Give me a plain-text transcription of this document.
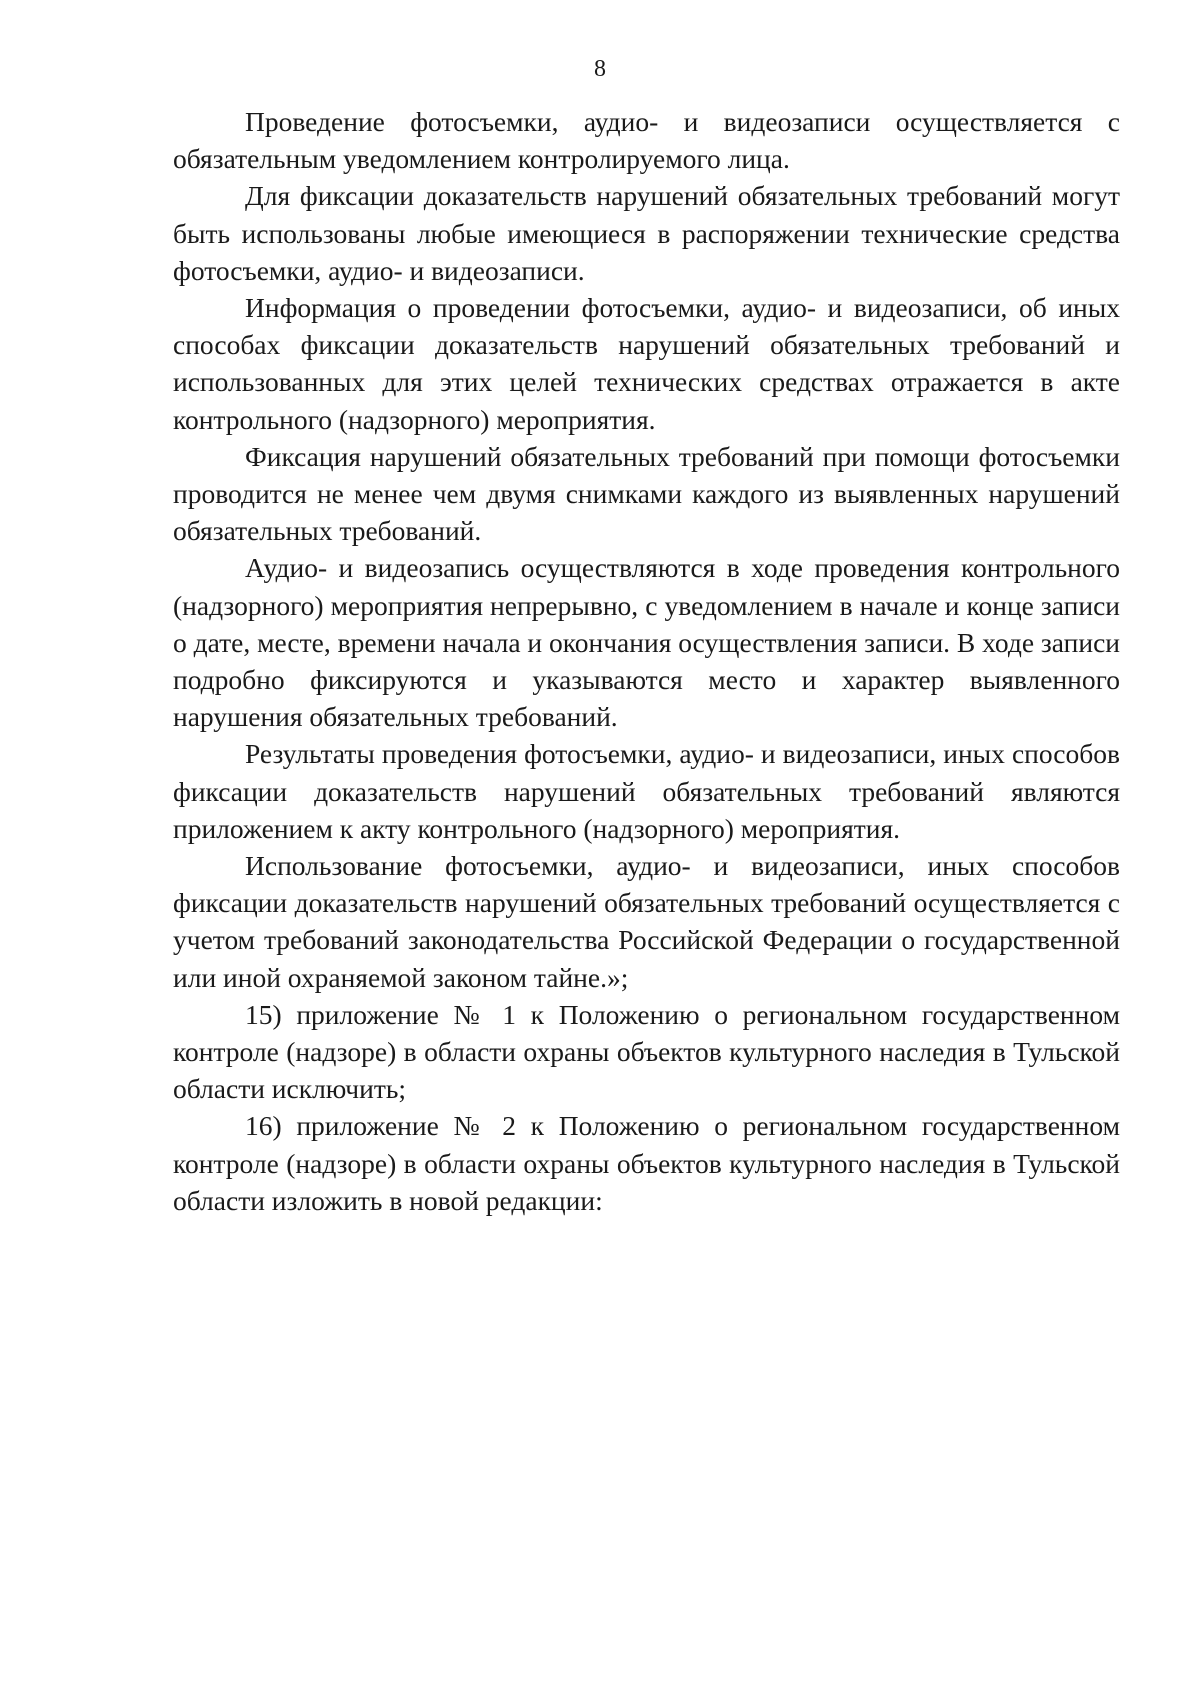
8

Проведение фотосъемки, аудио- и видеозаписи осуществляется с обязательным уведомлением контролируемого лица.

Для фиксации доказательств нарушений обязательных требований могут быть использованы любые имеющиеся в распоряжении технические средства фотосъемки, аудио- и видеозаписи.

Информация о проведении фотосъемки, аудио- и видеозаписи, об иных способах фиксации доказательств нарушений обязательных требований и использованных для этих целей технических средствах отражается в акте контрольного (надзорного) мероприятия.

Фиксация нарушений обязательных требований при помощи фотосъемки проводится не менее чем двумя снимками каждого из выявленных нарушений обязательных требований.

Аудио- и видеозапись осуществляются в ходе проведения контрольного (надзорного) мероприятия непрерывно, с уведомлением в начале и конце записи о дате, месте, времени начала и окончания осуществления записи. В ходе записи подробно фиксируются и указываются место и характер выявленного нарушения обязательных требований.

Результаты проведения фотосъемки, аудио- и видеозаписи, иных способов фиксации доказательств нарушений обязательных требований являются приложением к акту контрольного (надзорного) мероприятия.

Использование фотосъемки, аудио- и видеозаписи, иных способов фиксации доказательств нарушений обязательных требований осуществляется с учетом требований законодательства Российской Федерации о государственной или иной охраняемой законом тайне.»;

15) приложение № 1 к Положению о региональном государственном контроле (надзоре) в области охраны объектов культурного наследия в Тульской области исключить;

16) приложение № 2 к Положению о региональном государственном контроле (надзоре) в области охраны объектов культурного наследия в Тульской области изложить в новой редакции:
